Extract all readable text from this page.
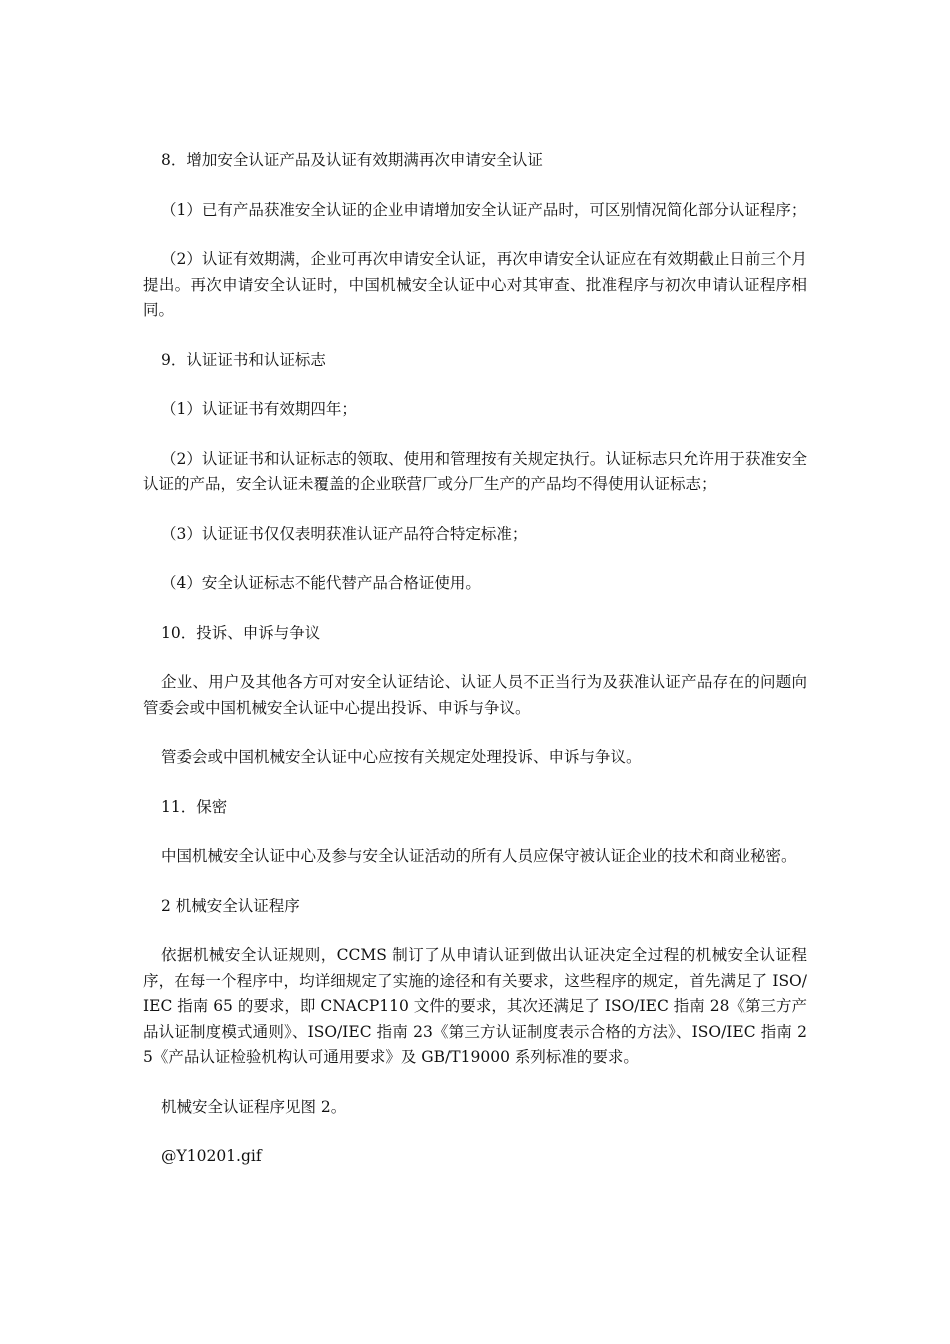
8．增加安全认证产品及认证有效期满再次申请安全认证

（1）已有产品获准安全认证的企业申请增加安全认证产品时，可区别情况简化部分认证程序；

（2）认证有效期满，企业可再次申请安全认证，再次申请安全认证应在有效期截止日前三个月提出。再次申请安全认证时，中国机械安全认证中心对其审查、批准程序与初次申请认证程序相同。

9．认证证书和认证标志

（1）认证证书有效期四年；

（2）认证证书和认证标志的领取、使用和管理按有关规定执行。认证标志只允许用于获准安全认证的产品，安全认证未覆盖的企业联营厂或分厂生产的产品均不得使用认证标志；

（3）认证证书仅仅表明获准认证产品符合特定标准；

（4）安全认证标志不能代替产品合格证使用。

10．投诉、申诉与争议

企业、用户及其他各方可对安全认证结论、认证人员不正当行为及获准认证产品存在的问题向管委会或中国机械安全认证中心提出投诉、申诉与争议。

管委会或中国机械安全认证中心应按有关规定处理投诉、申诉与争议。

11．保密

中国机械安全认证中心及参与安全认证活动的所有人员应保守被认证企业的技术和商业秘密。

2 机械安全认证程序

依据机械安全认证规则，CCMS 制订了从申请认证到做出认证决定全过程的机械安全认证程序，在每一个程序中，均详细规定了实施的途径和有关要求，这些程序的规定，首先满足了 ISO/IEC 指南 65 的要求，即 CNACP110 文件的要求，其次还满足了 ISO/IEC 指南 28《第三方产品认证制度模式通则》、ISO/IEC 指南 23《第三方认证制度表示合格的方法》、ISO/IEC 指南 25《产品认证检验机构认可通用要求》及 GB/T19000 系列标准的要求。

机械安全认证程序见图 2。

@Y10201.gif
